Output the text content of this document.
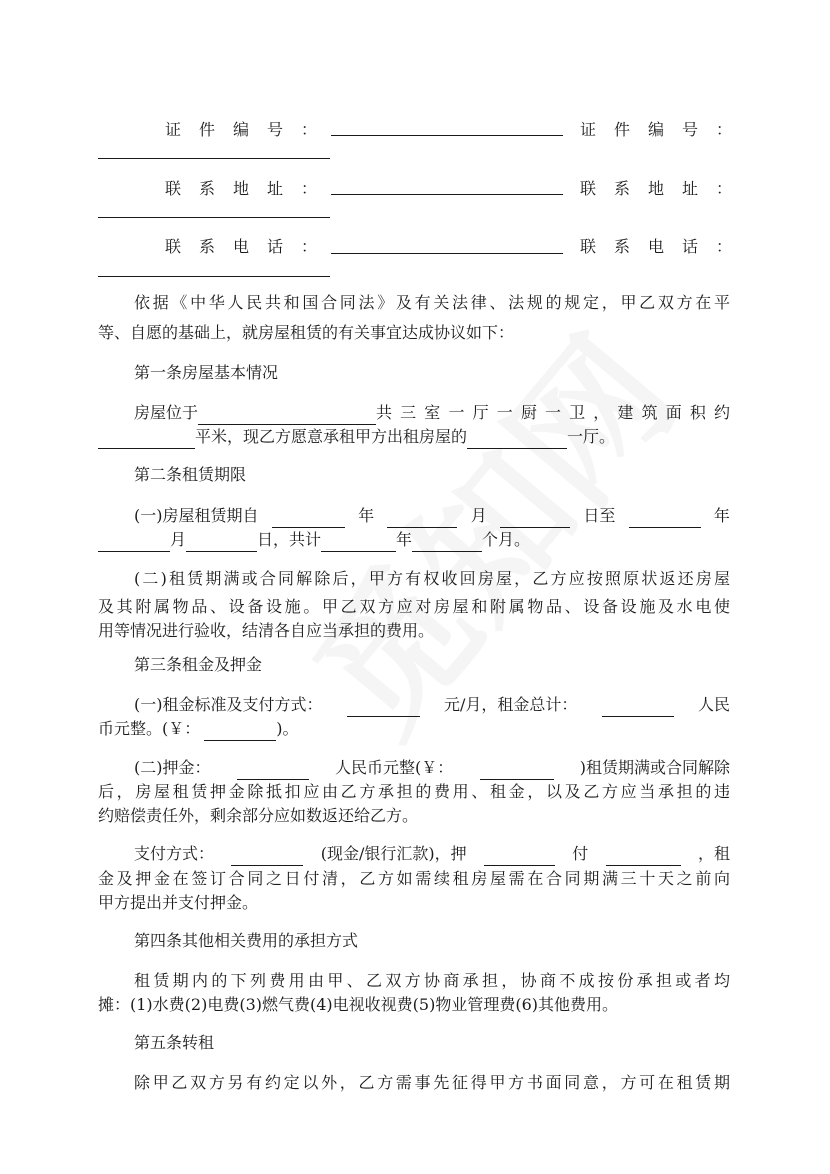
证件编号：	证件编号：
联系地址：	联系地址：
联系电话：	联系电话：
依据《中华人民共和国合同法》及有关法律、法规的规定，甲乙双方在平
等、自愿的基础上，就房屋租赁的有关事宜达成协议如下：
第一条房屋基本情况
房屋位于	共三室一厅一厨一卫，建筑面积约
平米，现乙方愿意承租甲方出租房屋的	一厅。
第二条租赁期限
(一)房屋租赁期自	年	月	日至	年
月	日，共计	年	个月。
(二)租赁期满或合同解除后，甲方有权收回房屋，乙方应按照原状返还房屋
及其附属物品、设备设施。甲乙双方应对房屋和附属物品、设备设施及水电使
用等情况进行验收，结清各自应当承担的费用。
第三条租金及押金
(一)租金标准及支付方式：	元/月，租金总计：	人民
币元整。(￥：	)。
(二)押金：	人民币元整(￥：	)租赁期满或合同解除
后，房屋租赁押金除抵扣应由乙方承担的费用、租金，以及乙方应当承担的违
约赔偿责任外，剩余部分应如数返还给乙方。
支付方式：	(现金/银行汇款)，押	付	，租
金及押金在签订合同之日付清，乙方如需续租房屋需在合同期满三十天之前向
甲方提出并支付押金。
第四条其他相关费用的承担方式
租赁期内的下列费用由甲、乙双方协商承担，协商不成按份承担或者均
摊：(1)水费(2)电费(3)燃气费(4)电视收视费(5)物业管理费(6)其他费用。
第五条转租
除甲乙双方另有约定以外，乙方需事先征得甲方书面同意，方可在租赁期
